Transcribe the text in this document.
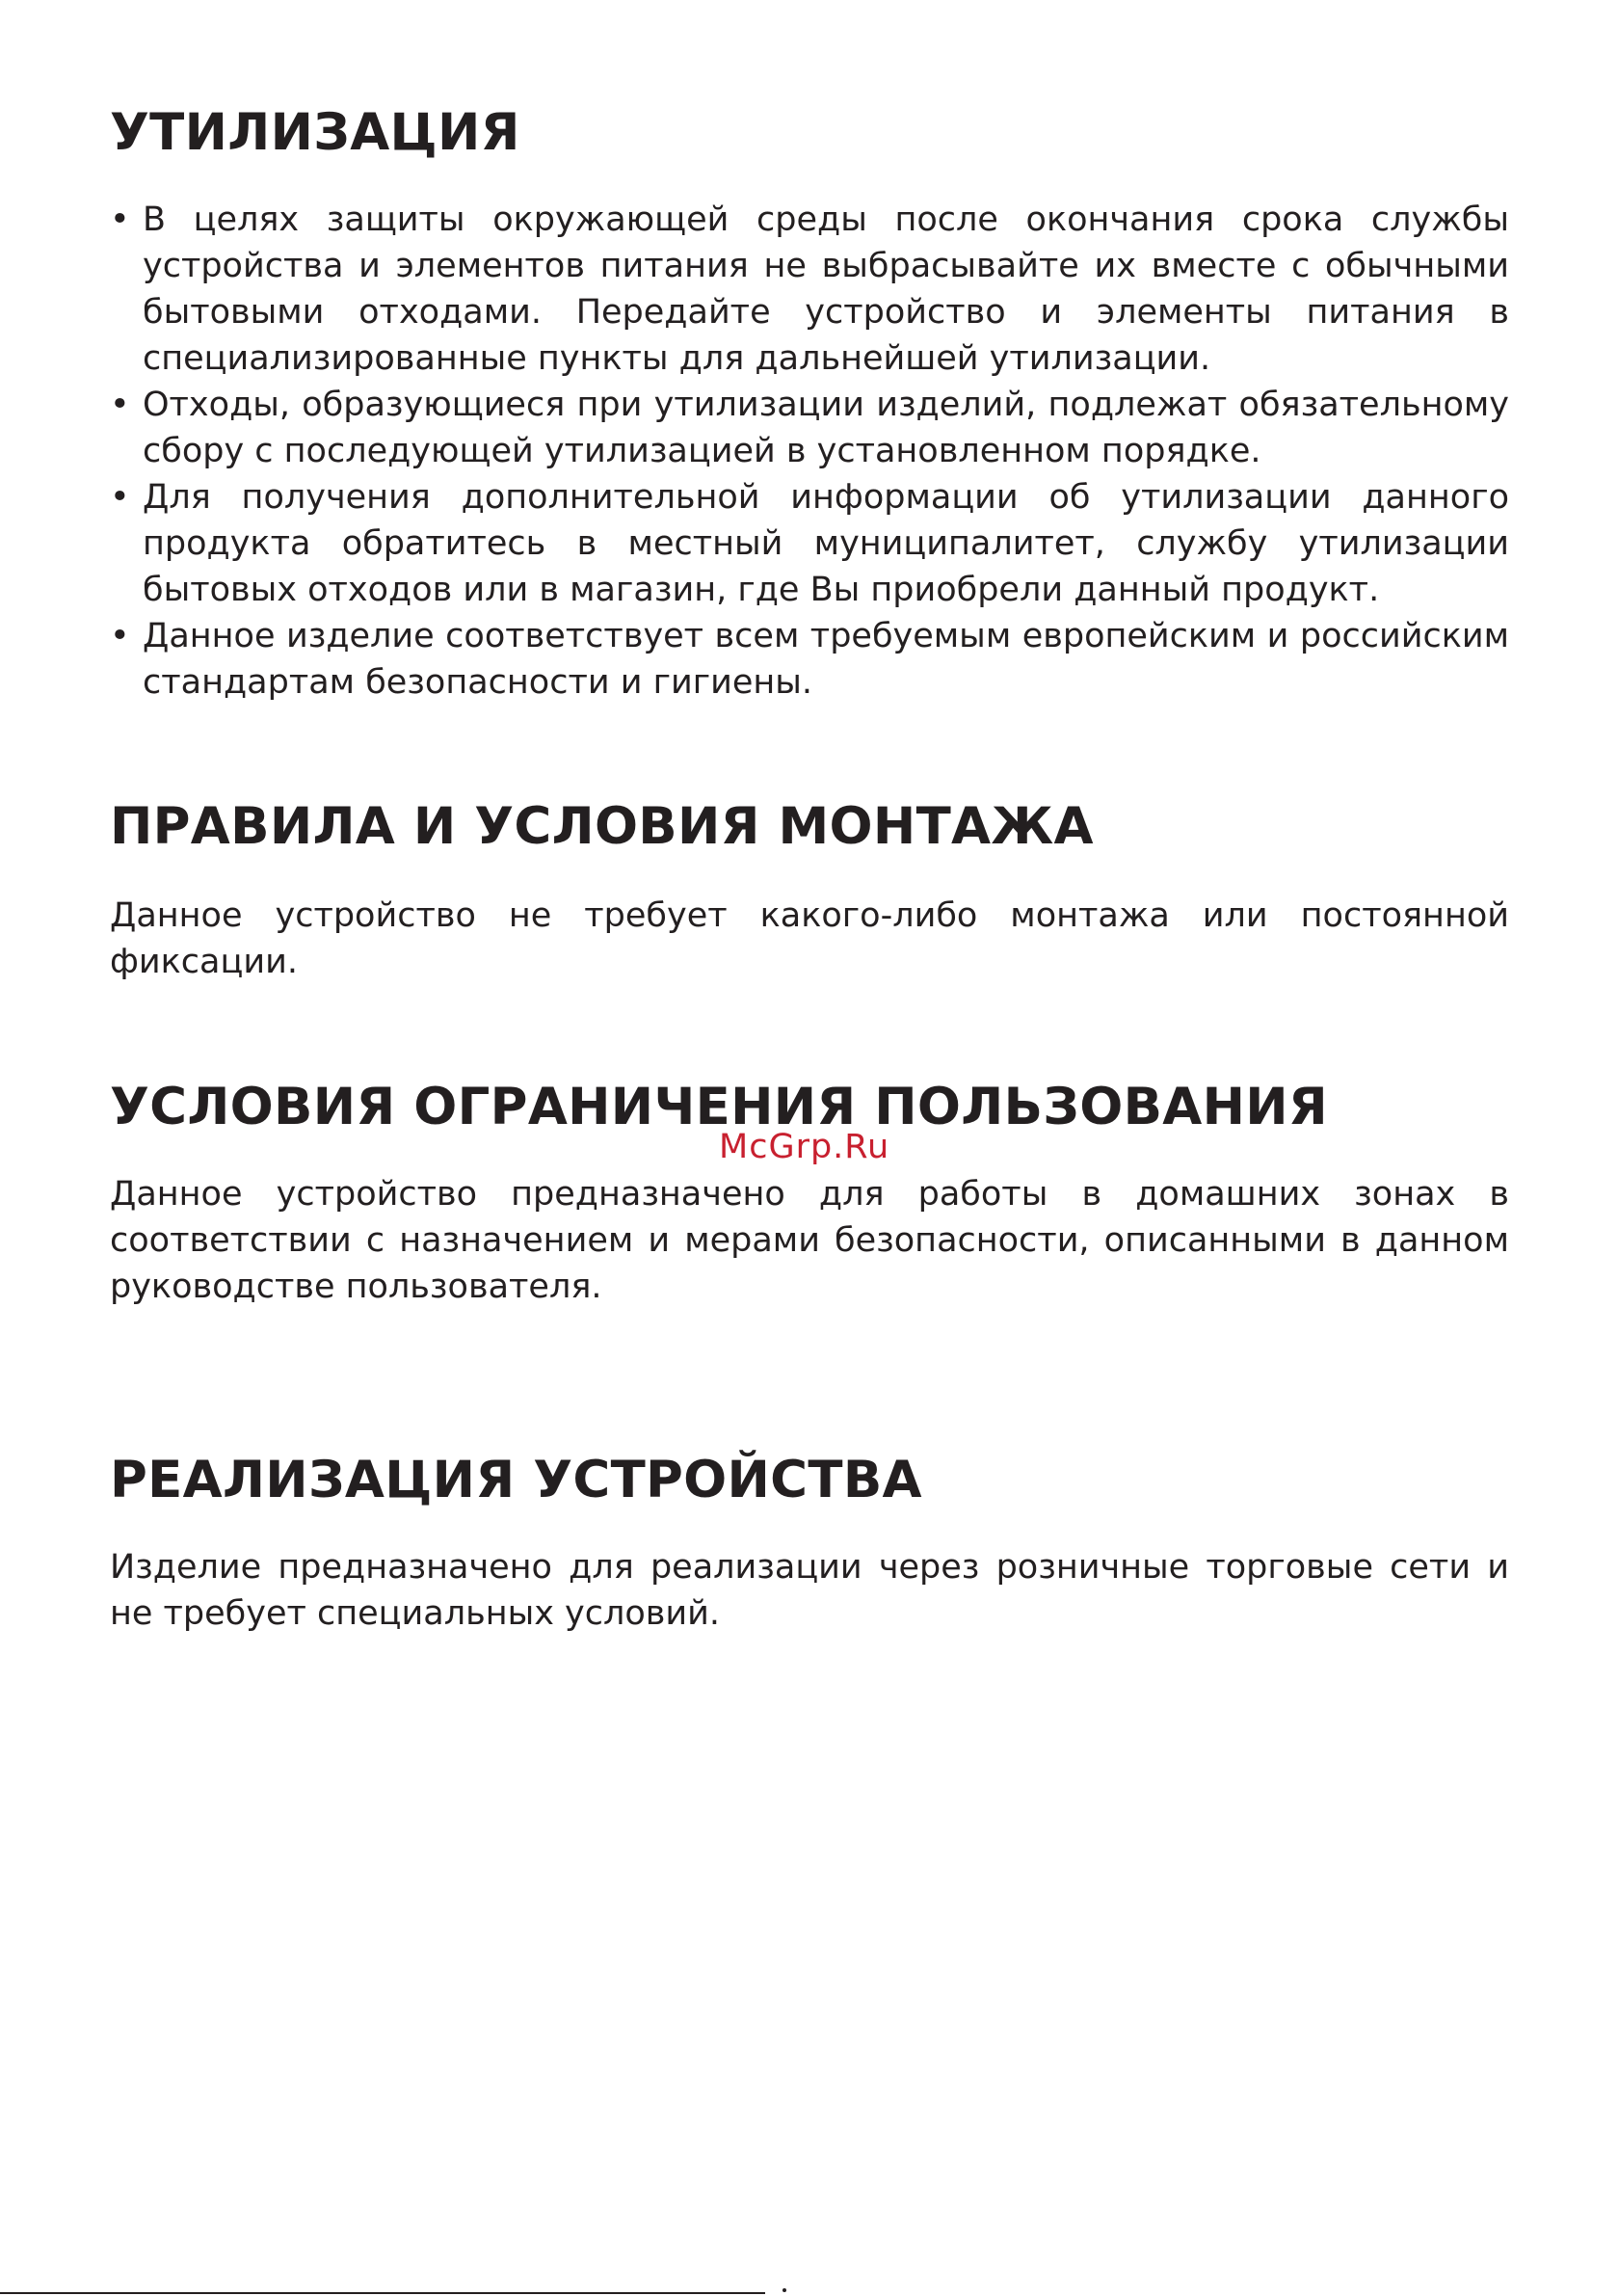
УТИЛИЗАЦИЯ
• В целях защиты окружающей среды после окончания срока службы устройства и элементов питания не выбрасывайте их вместе с обычными бытовыми отходами. Передайте устройство и элементы питания в специализированные пункты для дальнейшей утилизации.
• Отходы, образующиеся при утилизации изделий, подлежат обязательному сбору с последующей утилизацией в установленном порядке.
• Для получения дополнительной информации об утилизации данного продукта обратитесь в местный муниципалитет, службу утилизации бытовых отходов или в магазин, где Вы приобрели данный продукт.
• Данное изделие соответствует всем требуемым европейским и российским стандартам безопасности и гигиены.
ПРАВИЛА И УСЛОВИЯ МОНТАЖА

Данное устройство не требует какого-либо монтажа или постоянной фиксации.

УСЛОВИЯ ОГРАНИЧЕНИЯ ПОЛЬЗОВАНИЯ

Данное устройство предназначено для работы в домашних зонах в соответствии с назначением и мерами безопасности, описанными в данном руководстве пользователя.

РЕАЛИЗАЦИЯ УСТРОЙСТВА

Изделие предназначено для реализации через розничные торговые сети и не требует специальных условий.

McGrp.Ru
